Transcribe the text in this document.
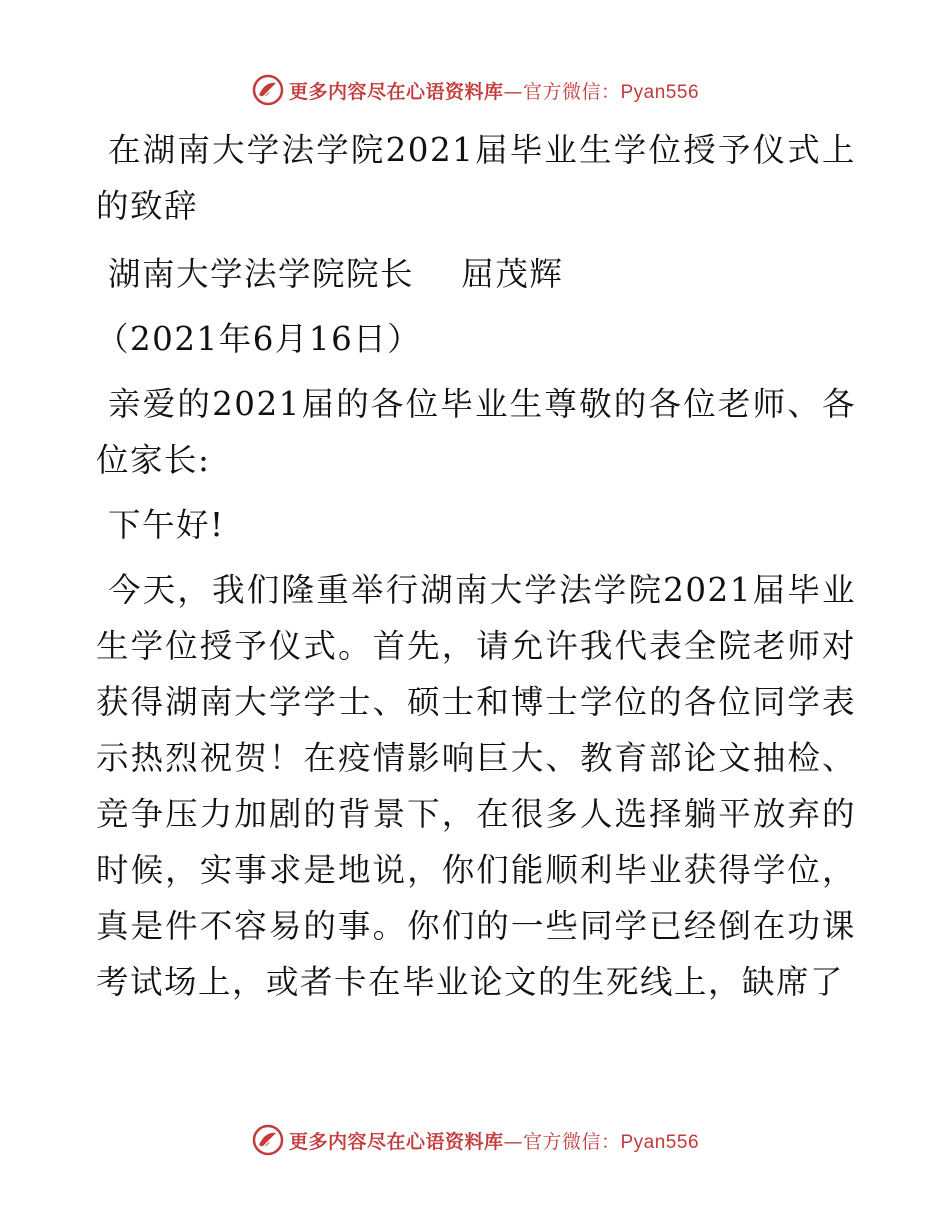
更多内容尽在心语资料库—官方微信：Pyan556

在湖南大学法学院2021届毕业生学位授予仪式上的致辞

湖南大学法学院院长    屈茂辉

（2021年6月16日）

亲爱的2021届的各位毕业生尊敬的各位老师、各位家长:

下午好!

今天，我们隆重举行湖南大学法学院2021届毕业生学位授予仪式。首先，请允许我代表全院老师对获得湖南大学学士、硕士和博士学位的各位同学表示热烈祝贺！在疫情影响巨大、教育部论文抽检、竞争压力加剧的背景下，在很多人选择躺平放弃的时候，实事求是地说，你们能顺利毕业获得学位，真是件不容易的事。你们的一些同学已经倒在功课考试场上，或者卡在毕业论文的生死线上，缺席了

更多内容尽在心语资料库—官方微信：Pyan556
